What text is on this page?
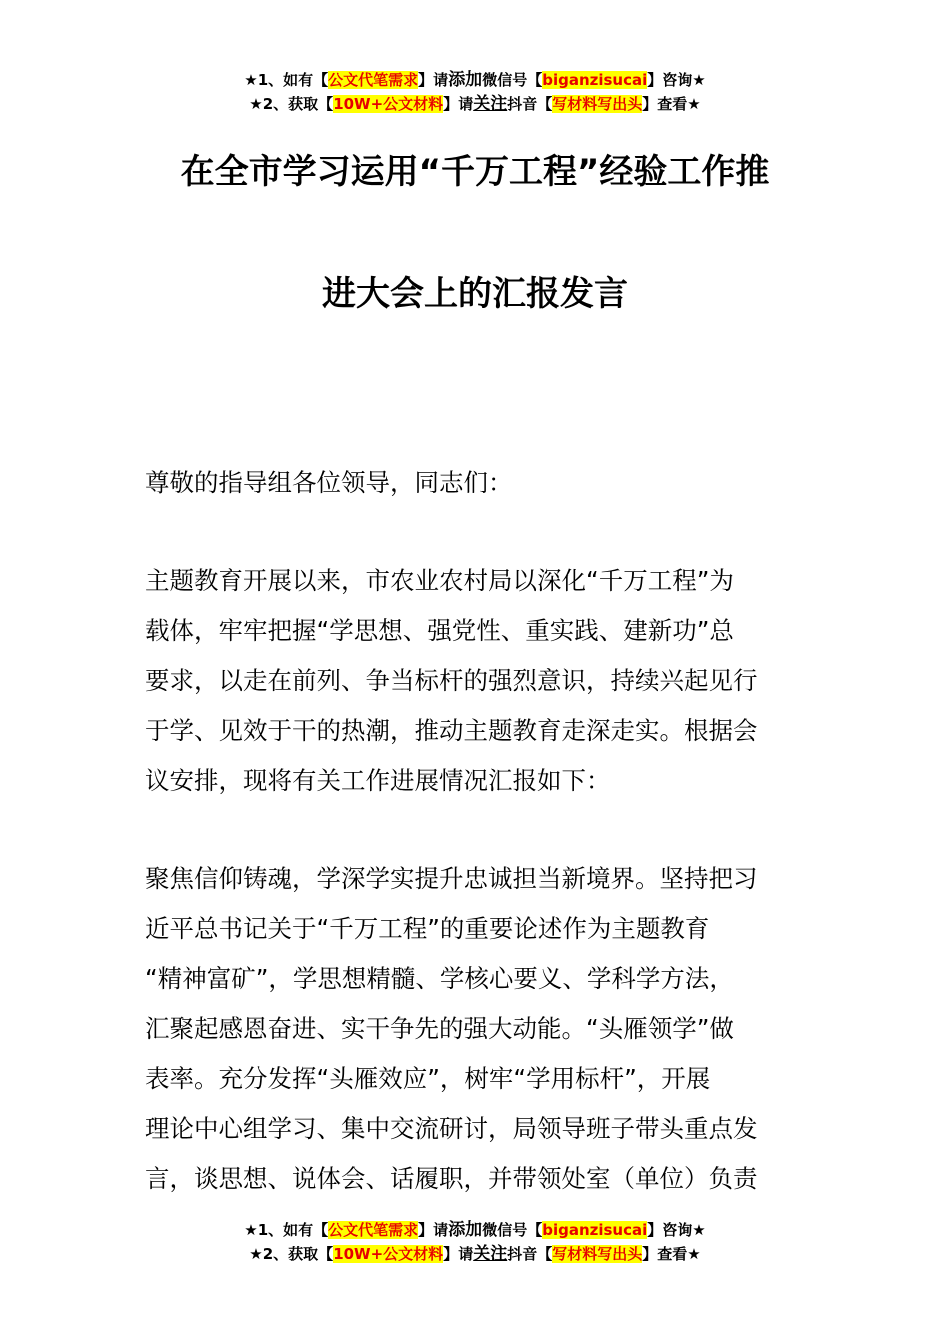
★1、如有【公文代笔需求】请添加微信号【biganzisucai】咨询★
★2、获取【10W+公文材料】请关注抖音【写材料写出头】查看★
在全市学习运用“千万工程”经验工作推
进大会上的汇报发言
尊敬的指导组各位领导，同志们：
主题教育开展以来，市农业农村局以深化“千万工程”为
载体，牢牢把握“学思想、强党性、重实践、建新功”总
要求，以走在前列、争当标杆的强烈意识，持续兴起见行
于学、见效于干的热潮，推动主题教育走深走实。根据会
议安排，现将有关工作进展情况汇报如下：
聚焦信仰铸魂，学深学实提升忠诚担当新境界。坚持把习
近平总书记关于“千万工程”的重要论述作为主题教育
“精神富矿”，学思想精髓、学核心要义、学科学方法，
汇聚起感恩奋进、实干争先的强大动能。“头雁领学”做
表率。充分发挥“头雁效应”，树牢“学用标杆”，开展
理论中心组学习、集中交流研讨，局领导班子带头重点发
言，谈思想、说体会、话履职，并带领处室（单位）负责
★1、如有【公文代笔需求】请添加微信号【biganzisucai】咨询★
★2、获取【10W+公文材料】请关注抖音【写材料写出头】查看★
